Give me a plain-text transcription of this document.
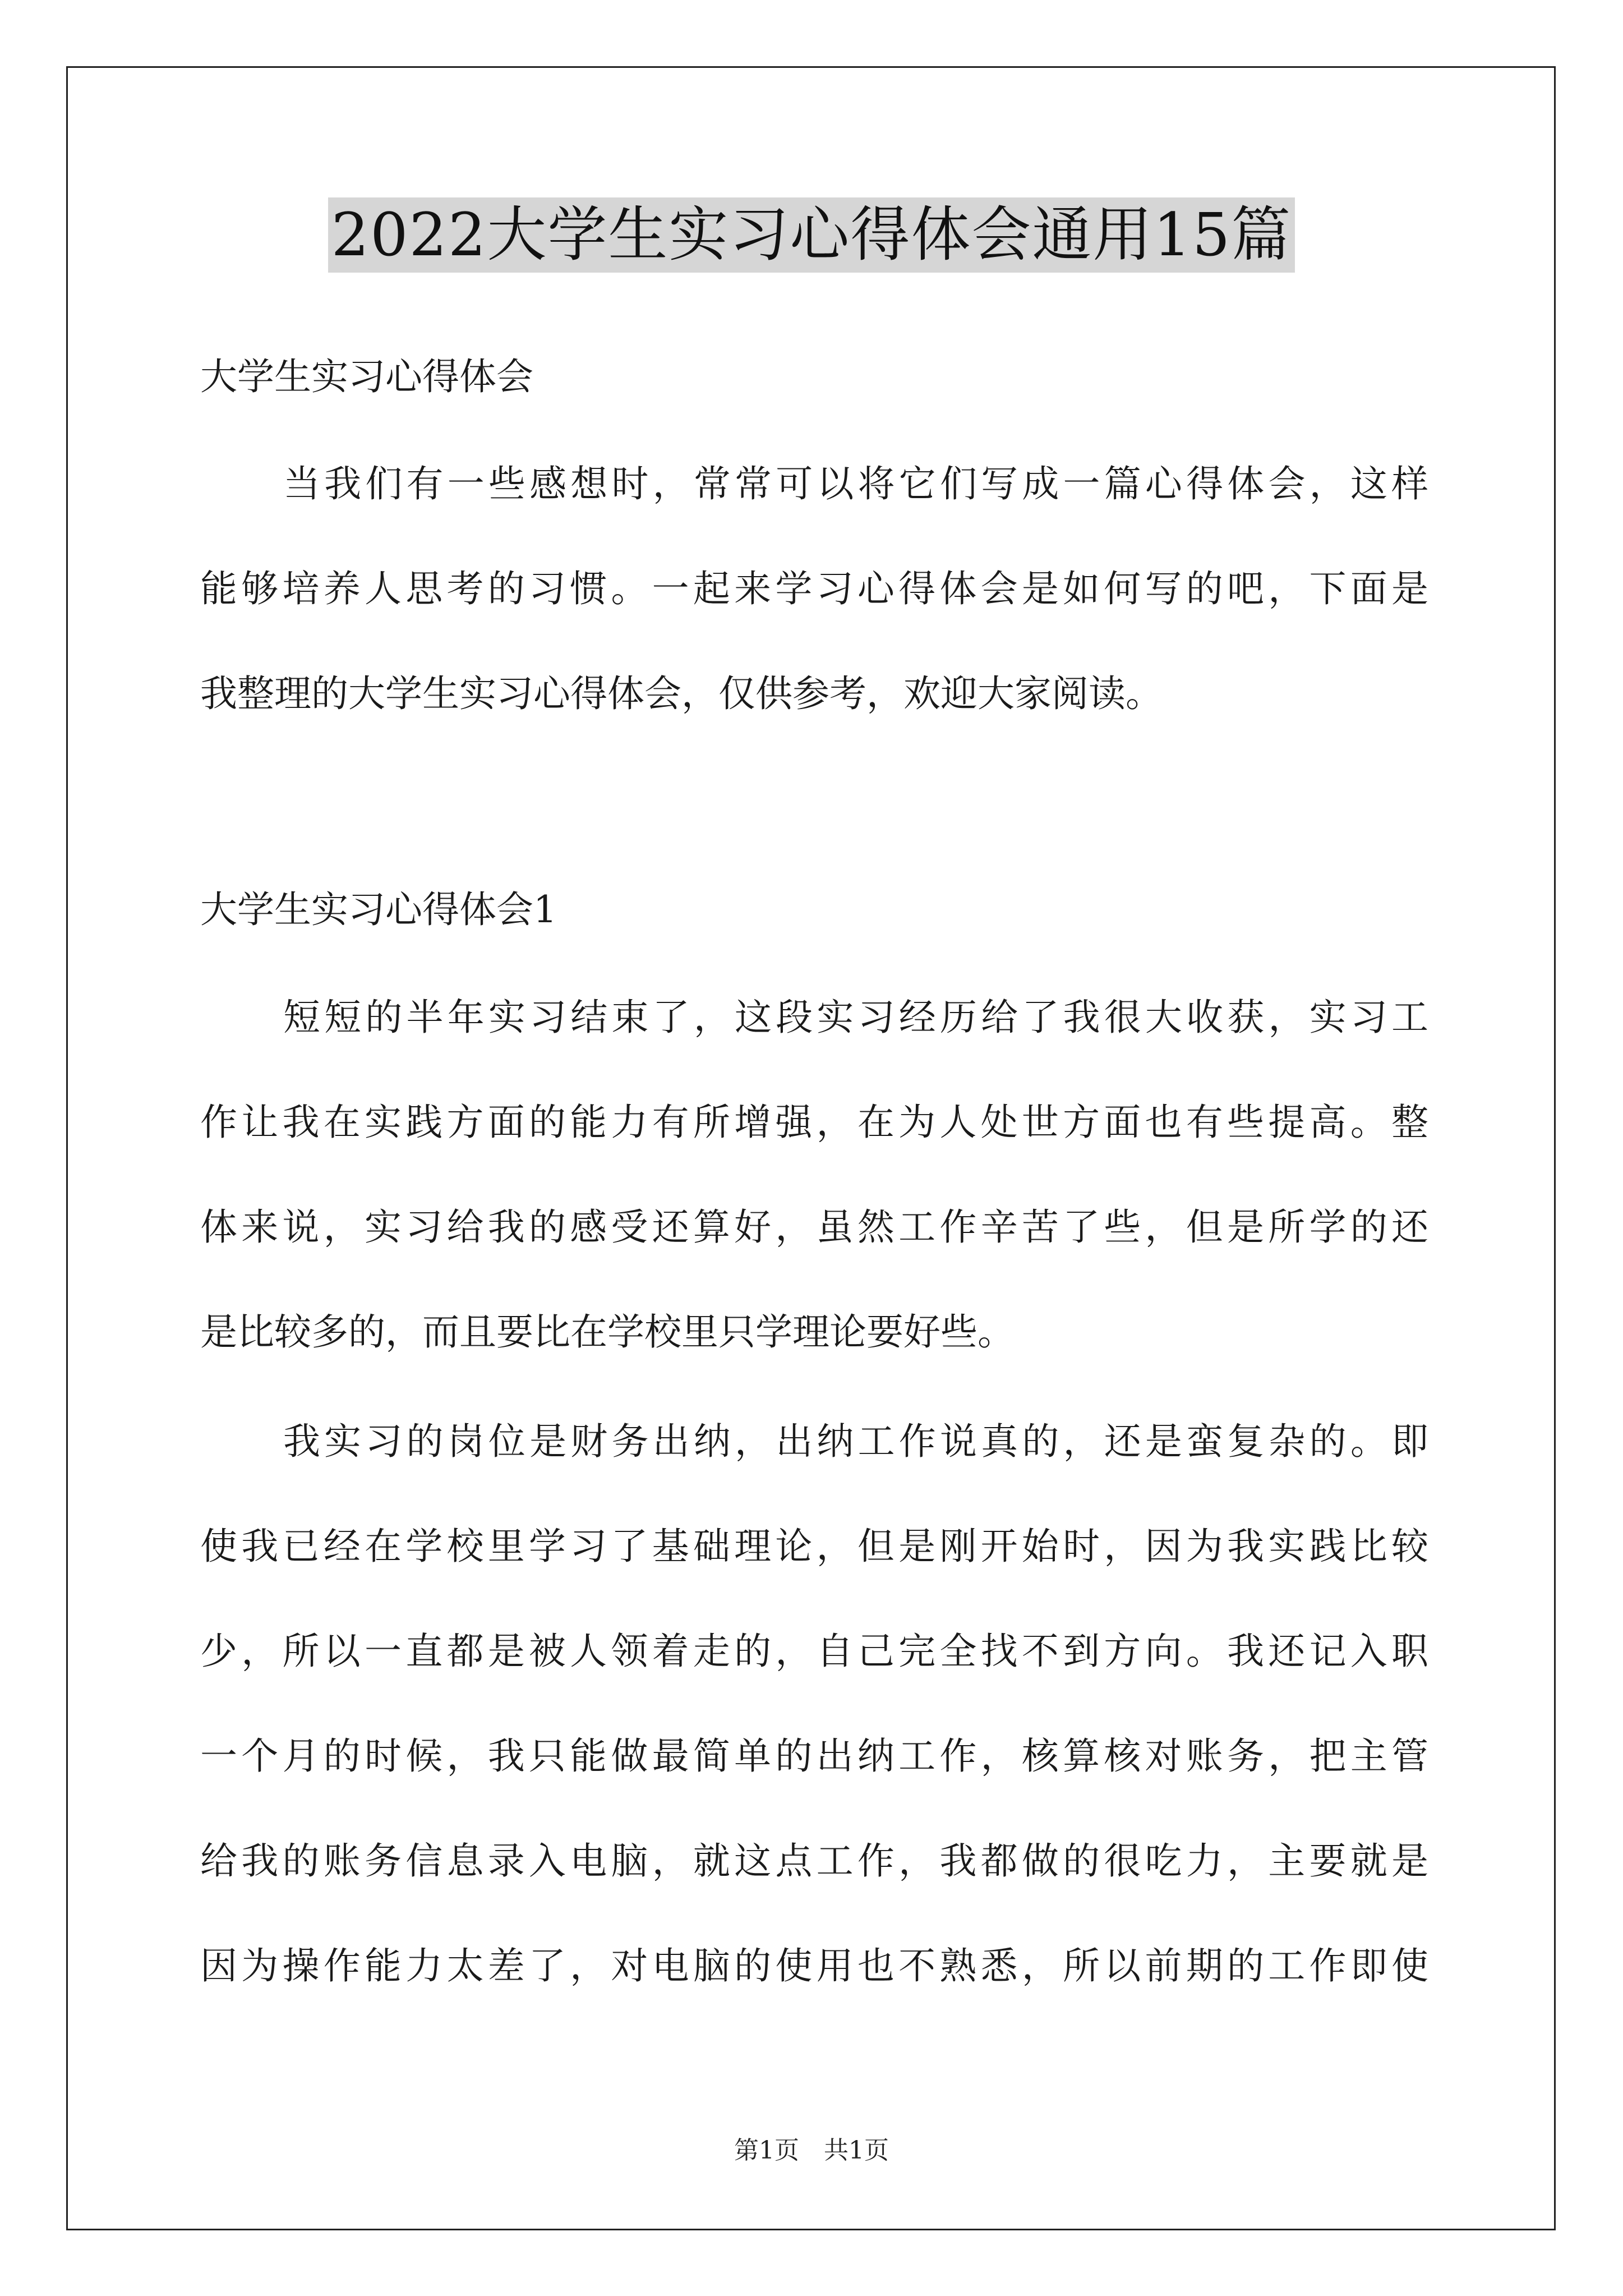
2022大学生实习心得体会通用15篇
大学生实习心得体会
当我们有一些感想时，常常可以将它们写成一篇心得体会，这样
能够培养人思考的习惯。一起来学习心得体会是如何写的吧，下面是
我整理的大学生实习心得体会，仅供参考，欢迎大家阅读。
大学生实习心得体会1
短短的半年实习结束了，这段实习经历给了我很大收获，实习工
作让我在实践方面的能力有所增强，在为人处世方面也有些提高。整
体来说，实习给我的感受还算好，虽然工作辛苦了些，但是所学的还
是比较多的，而且要比在学校里只学理论要好些。
我实习的岗位是财务出纳，出纳工作说真的，还是蛮复杂的。即
使我已经在学校里学习了基础理论，但是刚开始时，因为我实践比较
少，所以一直都是被人领着走的，自己完全找不到方向。我还记入职
一个月的时候，我只能做最简单的出纳工作，核算核对账务，把主管
给我的账务信息录入电脑，就这点工作，我都做的很吃力，主要就是
因为操作能力太差了，对电脑的使用也不熟悉，所以前期的工作即使
第1页　共1页
